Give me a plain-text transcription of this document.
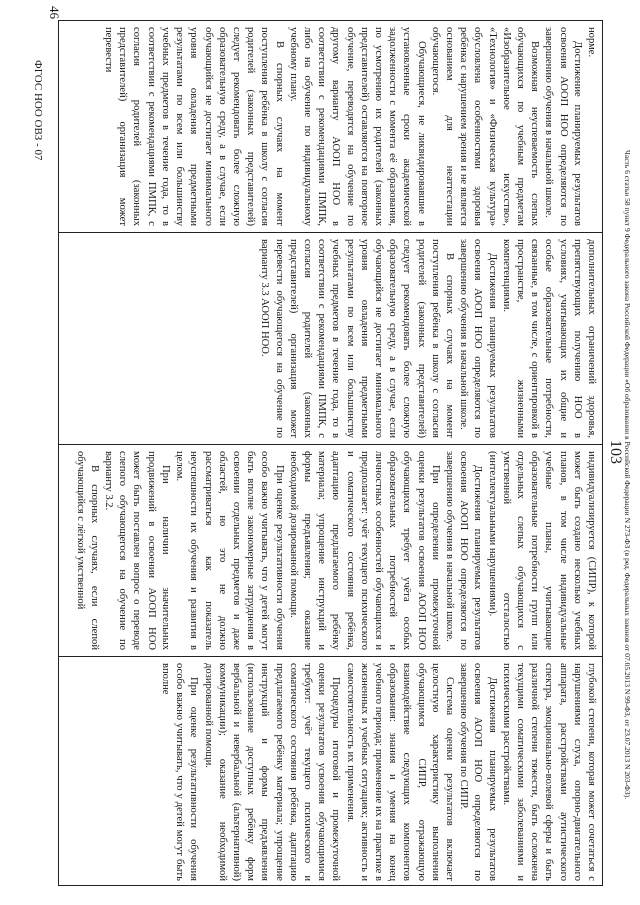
Часть 6 статьи 58 пункт 9 Федерального закона Российской Федерации «Об образовании в Российской Федерации N 273-ФЗ (в ред. Федеральных законов от 07.05.2013 N 99-ФЗ, от 23.07.2013 N 203-ФЗ).
103

норме.

Достижение планируемых результатов освоения АООП НОО определяются по завершению обучения в начальной школе.

Возможная неуспеваемость слепых обучающихся по учебным предметам «Изобразительное искусство», «Технология» и «Физическая культура» обусловлена особенностями здоровья ребёнка с нарушением зрения и не является основанием для неаттестации обучающегося.

Обучающиеся, не ликвидировавшие в установленные сроки академической задолженности с момента её образования, по усмотрению их родителей (законных представителей) оставляются на повторное обучение, переводятся на обучение по другому варианту АООП НОО в соответствии с рекомендациями ПМПК, либо на обучение по индивидуальному учебному плану.

В спорных случаях на момент поступления ребёнка в школу с согласия родителей (законных представителей) следует рекомендовать более сложную образовательную среду, а в случае, если обучающийся не достигает минимального уровня овладения предметными результатами по всем или большинству учебных предметов в течение года, то в соответствии с рекомендациями ПМПК, с согласия родителей (законных представителей) организация может перевести

дополнительных ограничений здоровья, препятствующих получению НОО в условиях, учитывающих их общие и особые образовательные потребности, связанные, в том числе, с ориентировкой в пространстве, жизненными компетенциями.

Достижения планируемых результатов освоения АООП НОО определяются по завершению обучения в начальной школе.

В спорных случаях на момент поступления ребёнка в школу с согласия родителей (законных представителей) следует рекомендовать более сложную образовательную среду, а в случае, если обучающийся не достигает минимального уровня овладения предметными результатами по всем или большинству учебных предметов в течение года, то в соответствии с рекомендациями ПМПК, с согласия родителей (законных представителей) организация может перевести обучающегося на обучение по варианту 3.3 АООП НОО.

индивидуализируется (СИПР), к которой может быть создано несколько учебных планов, в том числе индивидуальные учебные планы, учитывающие образовательные потребности групп или отдельных слепых обучающихся с умственной отсталостью (интеллектуальными нарушениями).

Достижения планируемых результатов освоения АООП НОО определяются по завершению обучения в начальной школе.

При определении промежуточной оценки результатов освоения АООП НОО обучающихся требует учёта особых образовательных потребностей и личностных особенностей обучающихся и предполагает: учёт текущего психического и соматического состояния ребёнка, адаптацию предлагаемого ребёнку материала; упрощение инструкций и формы предъявления; оказание необходимой дозированной помощи.

При оценке результативности обучения особо важно учитывать, что у детей могут быть вполне закономерные затруднения в освоении отдельных предметов и даже областей, но это не должно рассматриваться как показатель неуспешности их обучения и развития в целом.

При наличии значительных продвижений в освоении АООП НОО может быть поставлен вопрос о переводе слепого обучающегося на обучение по варианту 3.2.

В спорных случаях, если слепой обучающийся с лёгкой умственной

глубокой степени, которая может сочетаться с нарушениями слуха, опорно-двигательного аппарата, расстройствами аутистического спектра, эмоционально-волевой сферы и быть различной степени тяжести, быть осложнена текущими соматическими заболеваниями и психическими расстройствами.

Достижения планируемых результатов освоения АООП НОО определяются по завершению обучения по СИПР.

Система оценки результатов включает целостную характеристику выполнения обучающимся СИПР, отражающую взаимодействие следующих компонентов образования: знания и умения на конец учебного периода; применение их на практике в жизненных и учебных ситуациях; активность и самостоятельность их применения.

Процедуры итоговой и промежуточной оценки результатов усвоения обучающимися требуют: учёт текущего психического и соматического состояния ребёнка, адаптацию предлагаемого ребёнку материала; упрощение инструкций и формы предъявления (использование доступных ребёнку форм вербальной и невербальной (альтернативной) коммуникации); оказание необходимой дозированной помощи.

При оценке результативности обучения особо важно учитывать, что у детей могут быть вполне

46
ФГОС НОО ОВЗ - 07
